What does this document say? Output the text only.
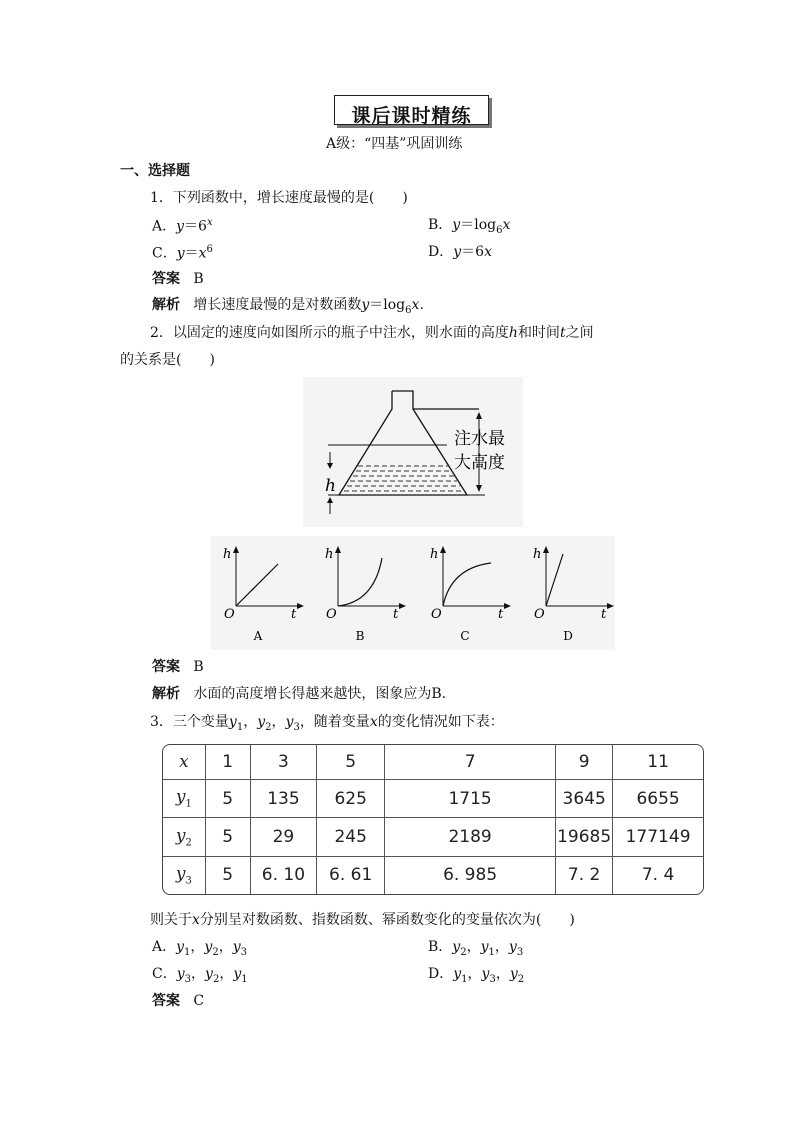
课后课时精练
A级：“四基”巩固训练
一、选择题
1．下列函数中，增长速度最慢的是(　　)
A．$y=6^x$	B．$y=\log_6x$
C．$y=x^6$	D．y＝6x
答案 B
解析 增长速度最慢的是对数函数$y=\log_6x$.
2．以固定的速度向如图所示的瓶子中注水，则水面的高度h和时间t之间
的关系是(　　)
h
注水最
大高度
h
t
O
A
h
t
O
B
h
t
O
C
h
t
O
D
答案 B
解析 水面的高度增长得越来越快，图象应为B.
3．三个变量$y_1$，$y_2$，$y_3$，随着变量x的变化情况如下表：
x	1	3	5	7	9	11
$y_1$	5	135	625	1715	3645	6655
$y_2$	5	29	245	2189	19685	177149
$y_3$	5	6. 10	6. 61	6. 985	7. 2	7. 4
则关于x分别呈对数函数、指数函数、幂函数变化的变量依次为(　　)
A．$y_1$，$y_2$，$y_3$	B．$y_2$，$y_1$，$y_3$
C．$y_3$，$y_2$，$y_1$	D．$y_1$，$y_3$，$y_2$
答案 C
